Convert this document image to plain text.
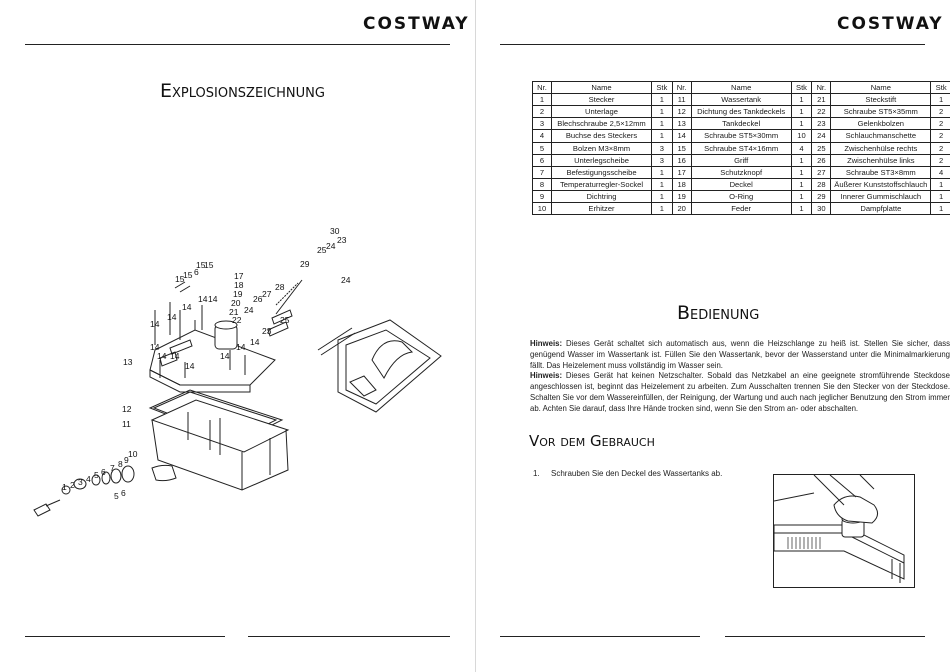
COSTWAY
Explosionszeichnung
1 2 3 4 5 6
5 6
7 8 9
10
11
12
13
14
14
14
14
14
14
14
14
14
14 14
15
15
15
15
6	17
18
19
20
21
22
23
24
25
26 27
28
29
25 24
23
30
24
14
COSTWAY
Nr.	Name	Stk	Nr.	Name	Stk	Nr.	Name	Stk
1	Stecker	1	11	Wassertank	1	21	Steckstift	1
2	Unterlage	1	12	Dichtung des Tankdeckels	1	22	Schraube ST5×35mm	2
3	Blechschraube 2,5×12mm	1	13	Tankdeckel	1	23	Gelenkbolzen	2
4	Buchse des Steckers	1	14	Schraube ST5×30mm	10	24	Schlauchmanschette	2
5	Bolzen M3×8mm	3	15	Schraube ST4×16mm	4	25	Zwischenhülse rechts	2
6	Unterlegscheibe	3	16	Griff	1	26	Zwischenhülse links	2
7	Befestigungsscheibe	1	17	Schutzknopf	1	27	Schraube ST3×8mm	4
8	Temperaturregler-Sockel	1	18	Deckel	1	28	Äußerer Kunststoffschlauch	1
9	Dichtring	1	19	O-Ring	1	29	Innerer Gummischlauch	1
10	Erhitzer	1	20	Feder	1	30	Dampfplatte	1
Bedienung
Hinweis: Dieses Gerät schaltet sich automatisch aus, wenn die Heizschlange zu heiß ist. Stellen Sie sicher, dass genügend Wasser im Wassertank ist. Füllen Sie den Wassertank, bevor der Wasserstand unter die Minimalmarkierung fällt. Das Heizelement muss vollständig im Wasser sein.
Hinweis: Dieses Gerät hat keinen Netzschalter. Sobald das Netzkabel an eine geeignete stromführende Steckdose angeschlossen ist, beginnt das Heizelement zu arbeiten. Zum Ausschalten trennen Sie den Stecker von der Steckdose. Schalten Sie vor dem Wassereinfüllen, der Reinigung, der Wartung und auch nach jeglicher Benutzung den Strom immer ab. Achten Sie darauf, dass Ihre Hände trocken sind, wenn Sie den Strom an- oder abschalten.
Vor dem Gebrauch
1. Schrauben Sie den Deckel des Wassertanks ab.
